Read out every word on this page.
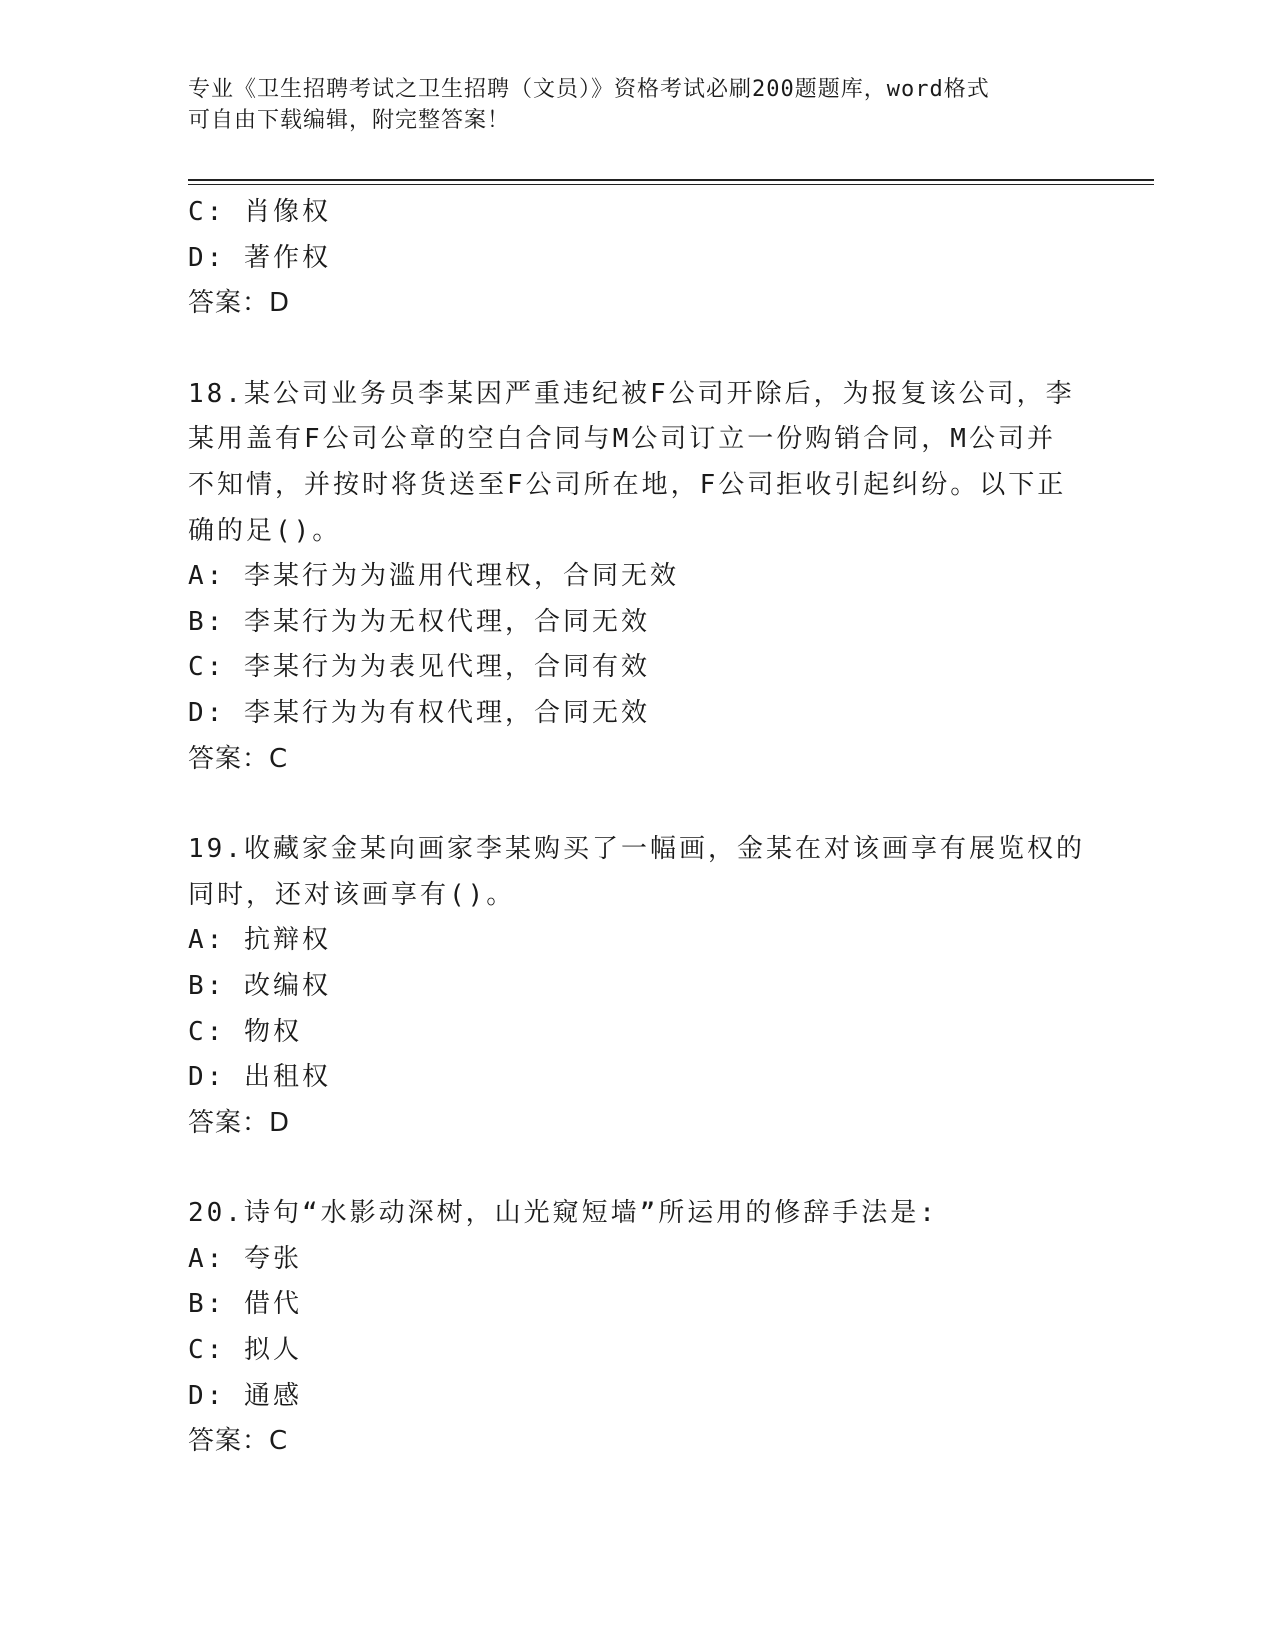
专业《卫生招聘考试之卫生招聘（文员）》资格考试必刷200题题库，word格式
可自由下载编辑，附完整答案！
C: 肖像权
D: 著作权
答案：D
18.某公司业务员李某因严重违纪被F公司开除后，为报复该公司，李
某用盖有F公司公章的空白合同与M公司订立一份购销合同，M公司并
不知情，并按时将货送至F公司所在地，F公司拒收引起纠纷。以下正
确的足()。
A: 李某行为为滥用代理权，合同无效
B: 李某行为为无权代理，合同无效
C: 李某行为为表见代理，合同有效
D: 李某行为为有权代理，合同无效
答案：C
19.收藏家金某向画家李某购买了一幅画，金某在对该画享有展览权的
同时，还对该画享有()。
A: 抗辩权
B: 改编权
C: 物权
D: 出租权
答案：D
20.诗句“水影动深树，山光窥短墙”所运用的修辞手法是:
A: 夸张
B: 借代
C: 拟人
D: 通感
答案：C
